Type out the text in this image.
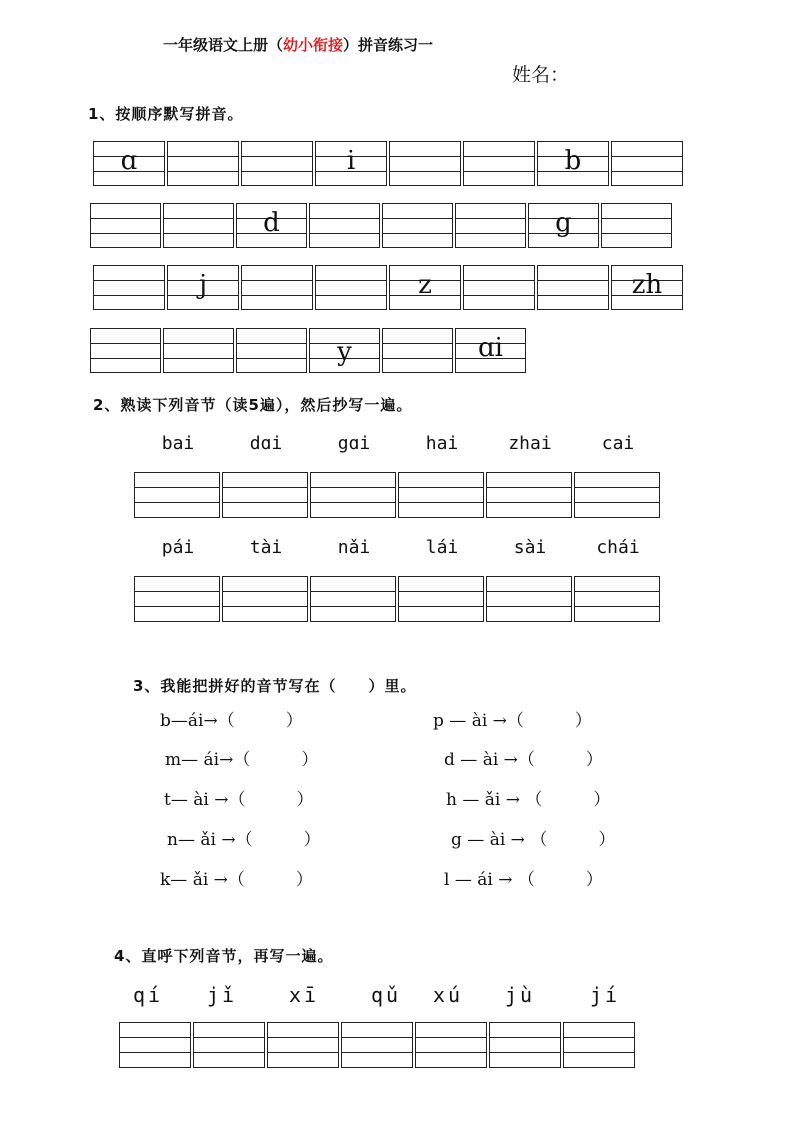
一年级语文上册（幼小衔接）拼音练习一
姓名：
1、按顺序默写拼音。
ɑ	i	b
d	g
j	z	zh
y	ɑi
2、熟读下列音节（读5遍），然后抄写一遍。
bai	dɑi	gɑi	hai	zhai	cai
pái	tài	nǎi	lái	sài	chái
3、我能把拼好的音节写在（　　）里。
b—ái→（　　　）
m— ái→（　　　）
t— ài →（　　　）
n— ǎi →（　　　）
k— ǎi →（　　　）
p — ài →（　　　）
d — ài →（　　　）
h — ǎi → （　　　）
g — ài → （　　　）
l — ái → （　　　）
4、直呼下列音节，再写一遍。
qí jǐ	xī	qǔ xú jù	jí
